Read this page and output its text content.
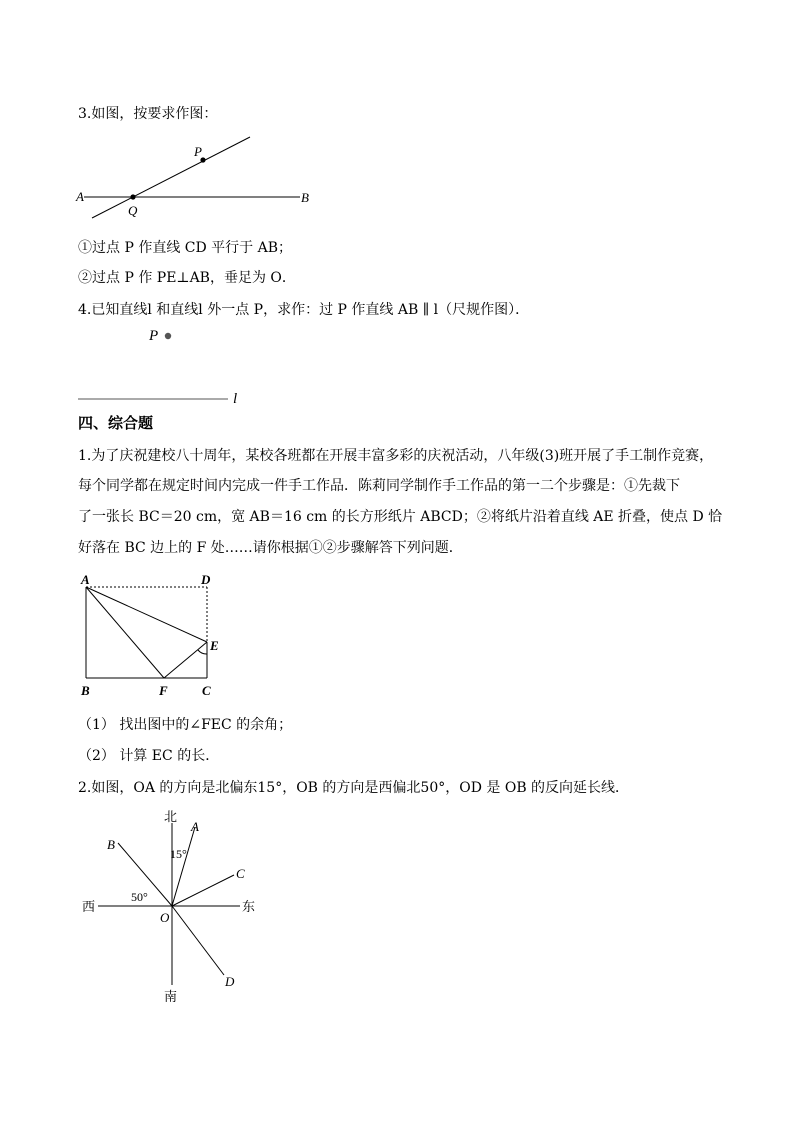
3.如图，按要求作图：
A	B
P
Q
①过点 P 作直线 CD 平行于 AB；
②过点 P 作 PE⊥AB，垂足为 O．
4.已知直线l 和直线l 外一点 P，求作：过 P 作直线 AB ∥ l（尺规作图）．
P
l
四、综合题
1.为了庆祝建校八十周年，某校各班都在开展丰富多彩的庆祝活动，八年级(3)班开展了手工制作竞赛，
每个同学都在规定时间内完成一件手工作品．陈莉同学制作手工作品的第一二个步骤是：①先裁下
了一张长 BC＝20 cm，宽 AB＝16 cm 的长方形纸片 ABCD；②将纸片沿着直线 AE 折叠，使点 D 恰
好落在 BC 边上的 F 处……请你根据①②步骤解答下列问题．
A	D
E
B	F	C
（1） 找出图中的∠FEC 的余角；
（2） 计算 EC 的长．
2.如图，OA 的方向是北偏东15°，OB 的方向是西偏北50°，OD 是 OB 的反向延长线．
北
南
西	东
A
B
C
D
O
15°
50°
